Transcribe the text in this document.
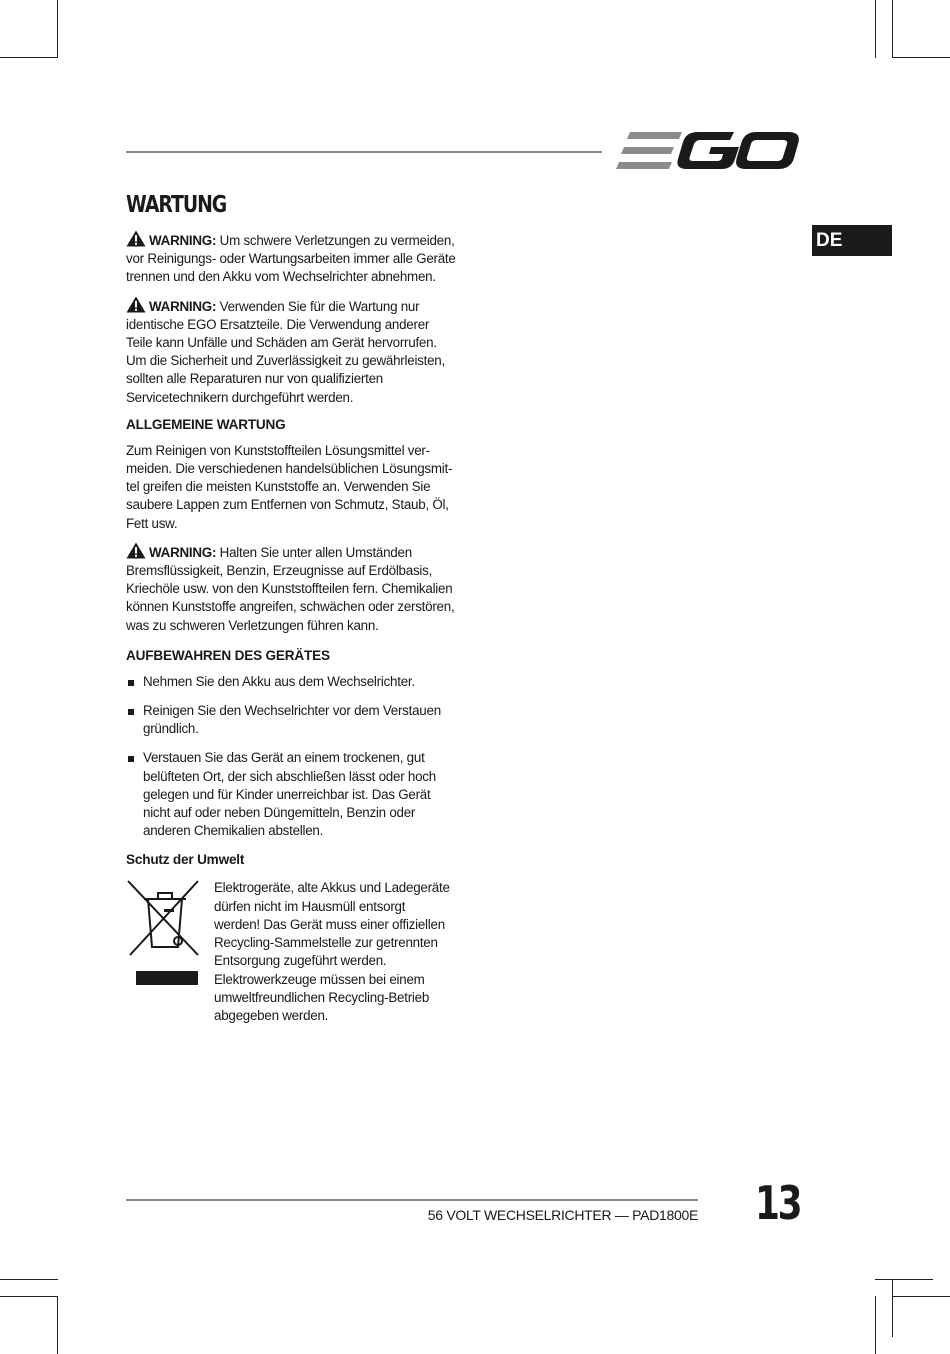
DE
WARTUNG

WARNING: Um schwere Verletzungen zu vermeiden, vor Reinigungs- oder Wartungsarbeiten immer alle Geräte trennen und den Akku vom Wechselrichter abnehmen.

WARNING: Verwenden Sie für die Wartung nur identische EGO Ersatzteile. Die Verwendung anderer Teile kann Unfälle und Schäden am Gerät hervorrufen. Um die Sicherheit und Zuverlässigkeit zu gewährleisten, sollten alle Reparaturen nur von qualifizierten Servicetechnikern durchgeführt werden.

ALLGEMEINE WARTUNG

Zum Reinigen von Kunststoffteilen Lösungsmittel ver-meiden. Die verschiedenen handelsüblichen Lösungsmit-tel greifen die meisten Kunststoffe an. Verwenden Sie saubere Lappen zum Entfernen von Schmutz, Staub, Öl, Fett usw.

WARNING: Halten Sie unter allen Umständen Bremsflüssigkeit, Benzin, Erzeugnisse auf Erdölbasis, Kriechöle usw. von den Kunststoffteilen fern. Chemikalien können Kunststoffe angreifen, schwächen oder zerstören, was zu schweren Verletzungen führen kann.

AUFBEWAHREN DES GERÄTES
Nehmen Sie den Akku aus dem Wechselrichter.
Reinigen Sie den Wechselrichter vor dem Verstauen gründlich.
Verstauen Sie das Gerät an einem trockenen, gut belüfteten Ort, der sich abschließen lässt oder hoch gelegen und für Kinder unerreichbar ist. Das Gerät nicht auf oder neben Düngemitteln, Benzin oder anderen Chemikalien abstellen.
Schutz der Umwelt

Elektrogeräte, alte Akkus und Ladegeräte dürfen nicht im Hausmüll entsorgt werden! Das Gerät muss einer offiziellen Recycling-Sammelstelle zur getrennten Entsorgung zugeführt werden. Elektrowerkzeuge müssen bei einem umweltfreundlichen Recycling-Betrieb abgegeben werden.

56 VOLT WECHSELRICHTER — PAD1800E 13
